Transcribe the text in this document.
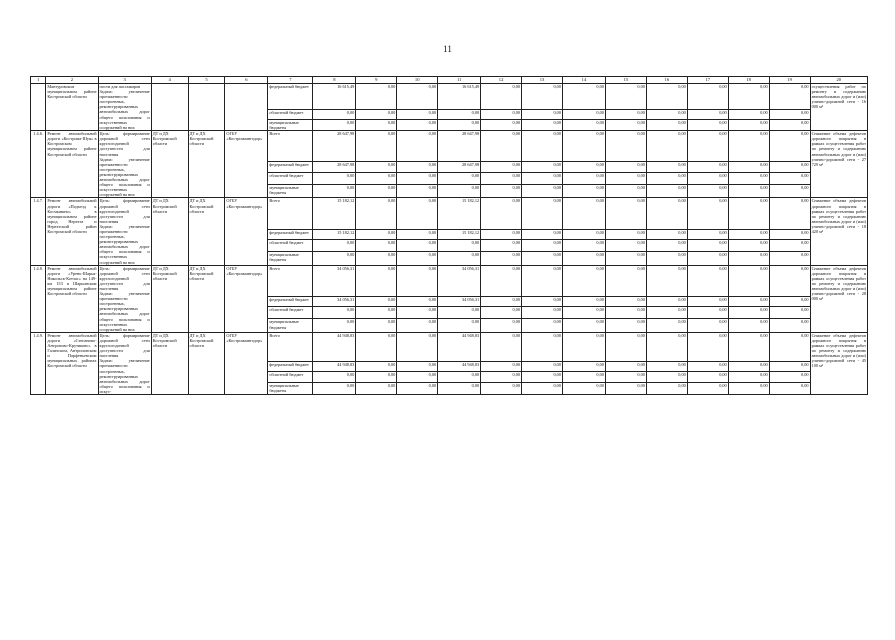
11
1	2	3	4	5	6	7	8	9	10	11	12	13	14	15	16	17	18	19	20
	Мантуровском муниципальном районе Костромской области	пости для пассажиров
Задача: увеличение протяженности построенных, реконструированных автомобильных дорог общего пользования и искусственных сооружений на них				федеральный бюджет	16 615,49	0,00	0,00	16 615,49	0,00	0,00	0,00	0,00	0,00	0,00	0,00	0,00	осуществления работ по ремонту и содержанию автомобильных дорог и (или) улично-дорожной сети - 16 000 м²
						областной бюджет	0,00	0,00	0,00	0,00	0,00	0,00	0,00	0,00	0,00	0,00	0,00	0,00	
						муниципальные бюджеты	0,00	0,00	0,00	0,00	0,00	0,00	0,00	0,00	0,00	0,00	0,00	0,00	
1.4.6.	Ремонт автомобильной дороги «Кострома-Шуя» в Костромском муниципальном районе Костромской области	Цель: формирование дорожной сети круглогодичной доступности для населения
Задача: увеличение протяженности построенных, реконструированных автомобильных дорог общего пользования и искусственных сооружений на них	ДТ и ДХ Костромской области	ДТ и ДХ Костромской области	ОГБУ «Костромаавтодор»	Всего	28 647,98	0,00	0,00	28 647,98	0,00	0,00	0,00	0,00	0,00	0,00	0,00	0,00	Снижение объема дефектов дорожного покрытия в рамках осуществления работ по ремонту и содержанию автомобильных дорог и (или) улично-дорожной сети - 27 729 м²
						федеральный бюджет	28 647,98	0,00	0,00	28 647,98	0,00	0,00	0,00	0,00	0,00	0,00	0,00	0,00	
						областной бюджет	0,00	0,00	0,00	0,00	0,00	0,00	0,00	0,00	0,00	0,00	0,00	0,00	
						муниципальные бюджеты	0,00	0,00	0,00	0,00	0,00	0,00	0,00	0,00	0,00	0,00	0,00	0,00	
1.4.7.	Ремонт автомобильной дороги «Подъезд к Космынино» в муниципальном районе город Нерехта и Нерехтский район Костромской области	Цель: формирование дорожной сети круглогодичной доступности для населения
Задача: увеличение протяженности построенных, реконструированных автомобильных дорог общего пользования и искусственных сооружений на них	ДТ и ДХ Костромской области	ДТ и ДХ Костромской области	ОГБУ «Костромаавтодор»	Всего	15 182,12	0,00	0,00	15 182,12	0,00	0,00	0,00	0,00	0,00	0,00	0,00	0,00	Снижение объема дефектов дорожного покрытия в рамках осуществления работ по ремонту и содержанию автомобильных дорог и (или) улично-дорожной сети - 18 420 м²
						федеральный бюджет	15 182,12	0,00	0,00	15 182,12	0,00	0,00	0,00	0,00	0,00	0,00	0,00	0,00	
						областной бюджет	0,00	0,00	0,00	0,00	0,00	0,00	0,00	0,00	0,00	0,00	0,00	0,00	
						муниципальные бюджеты	0,00	0,00	0,00	0,00	0,00	0,00	0,00	0,00	0,00	0,00	0,00	0,00	
1.4.8.	Ремонт автомобильной дороги «Урень-Шарья-Никольск-Котлас» на 149-км 153 в Шарьинском муниципальном районе Костромской области	Цель: формирование дорожной сети круглогодичной доступности для населения
Задача: увеличение протяженности построенных, реконструированных автомобильных дорог общего пользования и искусственных сооружений на них	ДТ и ДХ Костромской области	ДТ и ДХ Костромской области	ОГБУ «Костромаавтодор»	Всего	34 056,31	0,00	0,00	34 056,31	0,00	0,00	0,00	0,00	0,00	0,00	0,00	0,00	Снижение объема дефектов дорожного покрытия в рамках осуществления работ по ремонту и содержанию автомобильных дорог и (или) улично-дорожной сети - 28 000 м²
						федеральный бюджет	34 056,31	0,00	0,00	34 056,31	0,00	0,00	0,00	0,00	0,00	0,00	0,00	0,00	
						областной бюджет	0,00	0,00	0,00	0,00	0,00	0,00	0,00	0,00	0,00	0,00	0,00	0,00	
						муниципальные бюджеты	0,00	0,00	0,00	0,00	0,00	0,00	0,00	0,00	0,00	0,00	0,00	0,00	
1.4.9.	Ремонт автомобильной дороги «Степаново-Антропово-Крутиково» в Галичском, Антроповском и Парфеньевском муниципальных районах Костромской области	Цель: формирование дорожной сети круглогодичной доступности для населения
Задача: увеличение протяженности построенных, реконструированных автомобильных дорог общего пользования и искус-	ДТ и ДХ Костромской области	ДТ и ДХ Костромской области	ОГБУ «Костромаавтодор»	Всего	44 948,83	0,00	0,00	44 948,83	0,00	0,00	0,00	0,00	0,00	0,00	0,00	0,00	Снижение объема дефектов дорожного покрытия в рамках осуществления работ по ремонту и содержанию автомобильных дорог и (или) улично-дорожной сети - 45 100 м²
						федеральный бюджет	44 948,83	0,00	0,00	44 948,83	0,00	0,00	0,00	0,00	0,00	0,00	0,00	0,00	
						областной бюджет	0,00	0,00	0,00	0,00	0,00	0,00	0,00	0,00	0,00	0,00	0,00	0,00	
						муниципальные бюджеты	0,00	0,00	0,00	0,00	0,00	0,00	0,00	0,00	0,00	0,00	0,00	0,00	
